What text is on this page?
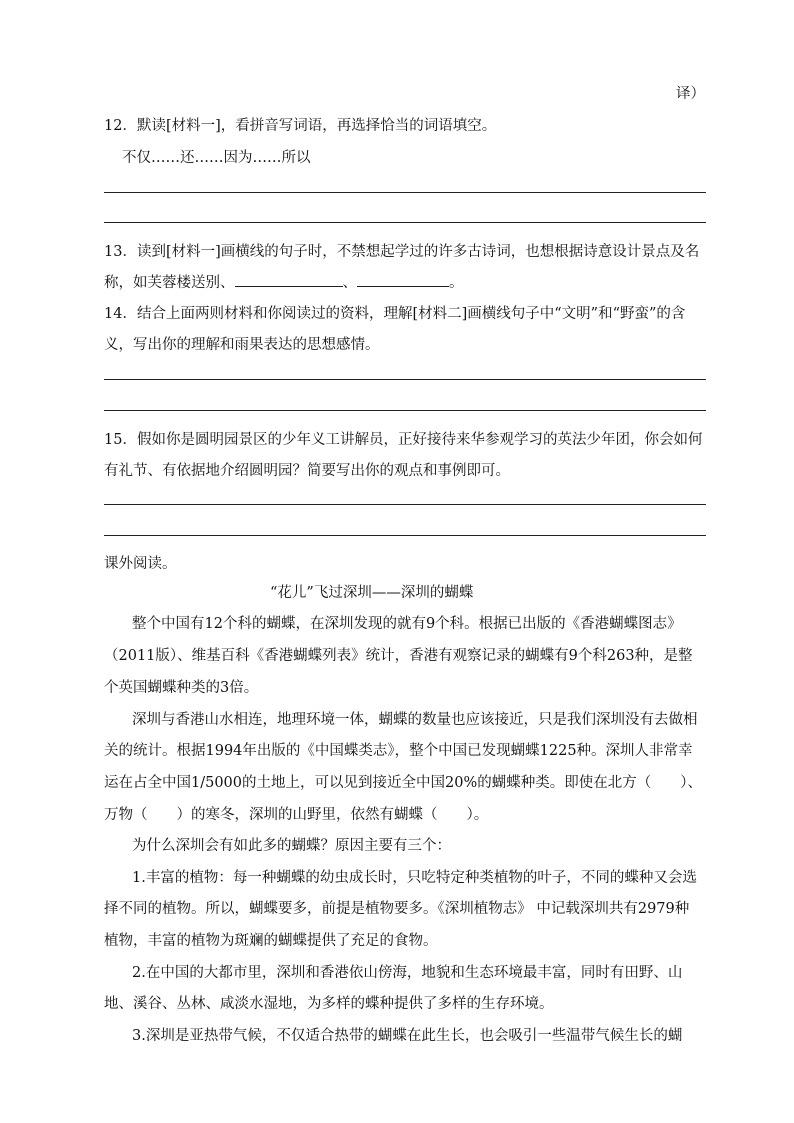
译）
12．默读[材料一]，看拼音写词语，再选择恰当的词语填空。
不仅……还……因为……所以
13．读到[材料一]画横线的句子时，不禁想起学过的许多古诗词，也想根据诗意设计景点及名
称，如芙蓉楼送别、	、	。
14．结合上面两则材料和你阅读过的资料，理解[材料二]画横线句子中“文明”和“野蛮”的含
义，写出你的理解和雨果表达的思想感情。
15．假如你是圆明园景区的少年义工讲解员，正好接待来华参观学习的英法少年团，你会如何
有礼节、有依据地介绍圆明园？简要写出你的观点和事例即可。
课外阅读。
“花儿”飞过深圳——深圳的蝴蝶
整个中国有12个科的蝴蝶，在深圳发现的就有9个科。根据已出版的《香港蝴蝶图志》
（2011版）、维基百科《香港蝴蝶列表》统计，香港有观察记录的蝴蝶有9个科263种，是整
个英国蝴蝶种类的3倍。
深圳与香港山水相连，地理环境一体，蝴蝶的数量也应该接近，只是我们深圳没有去做相
关的统计。根据1994年出版的《中国蝶类志》，整个中国已发现蝴蝶1225种。深圳人非常幸
运在占全中国1/5000的土地上，可以见到接近全中国20%的蝴蝶种类。即使在北方（　　）、
万物（　　）的寒冬，深圳的山野里，依然有蝴蝶（　　）。
为什么深圳会有如此多的蝴蝶？原因主要有三个：
1.丰富的植物：每一种蝴蝶的幼虫成长时，只吃特定种类植物的叶子，不同的蝶种又会选
择不同的植物。所以，蝴蝶要多，前提是植物要多。《深圳植物志》 中记载深圳共有2979种
植物，丰富的植物为斑斓的蝴蝶提供了充足的食物。
2.在中国的大都市里，深圳和香港依山傍海，地貌和生态环境最丰富，同时有田野、山
地、溪谷、丛林、咸淡水湿地，为多样的蝶种提供了多样的生存环境。
3.深圳是亚热带气候，不仅适合热带的蝴蝶在此生长，也会吸引一些温带气候生长的蝴
